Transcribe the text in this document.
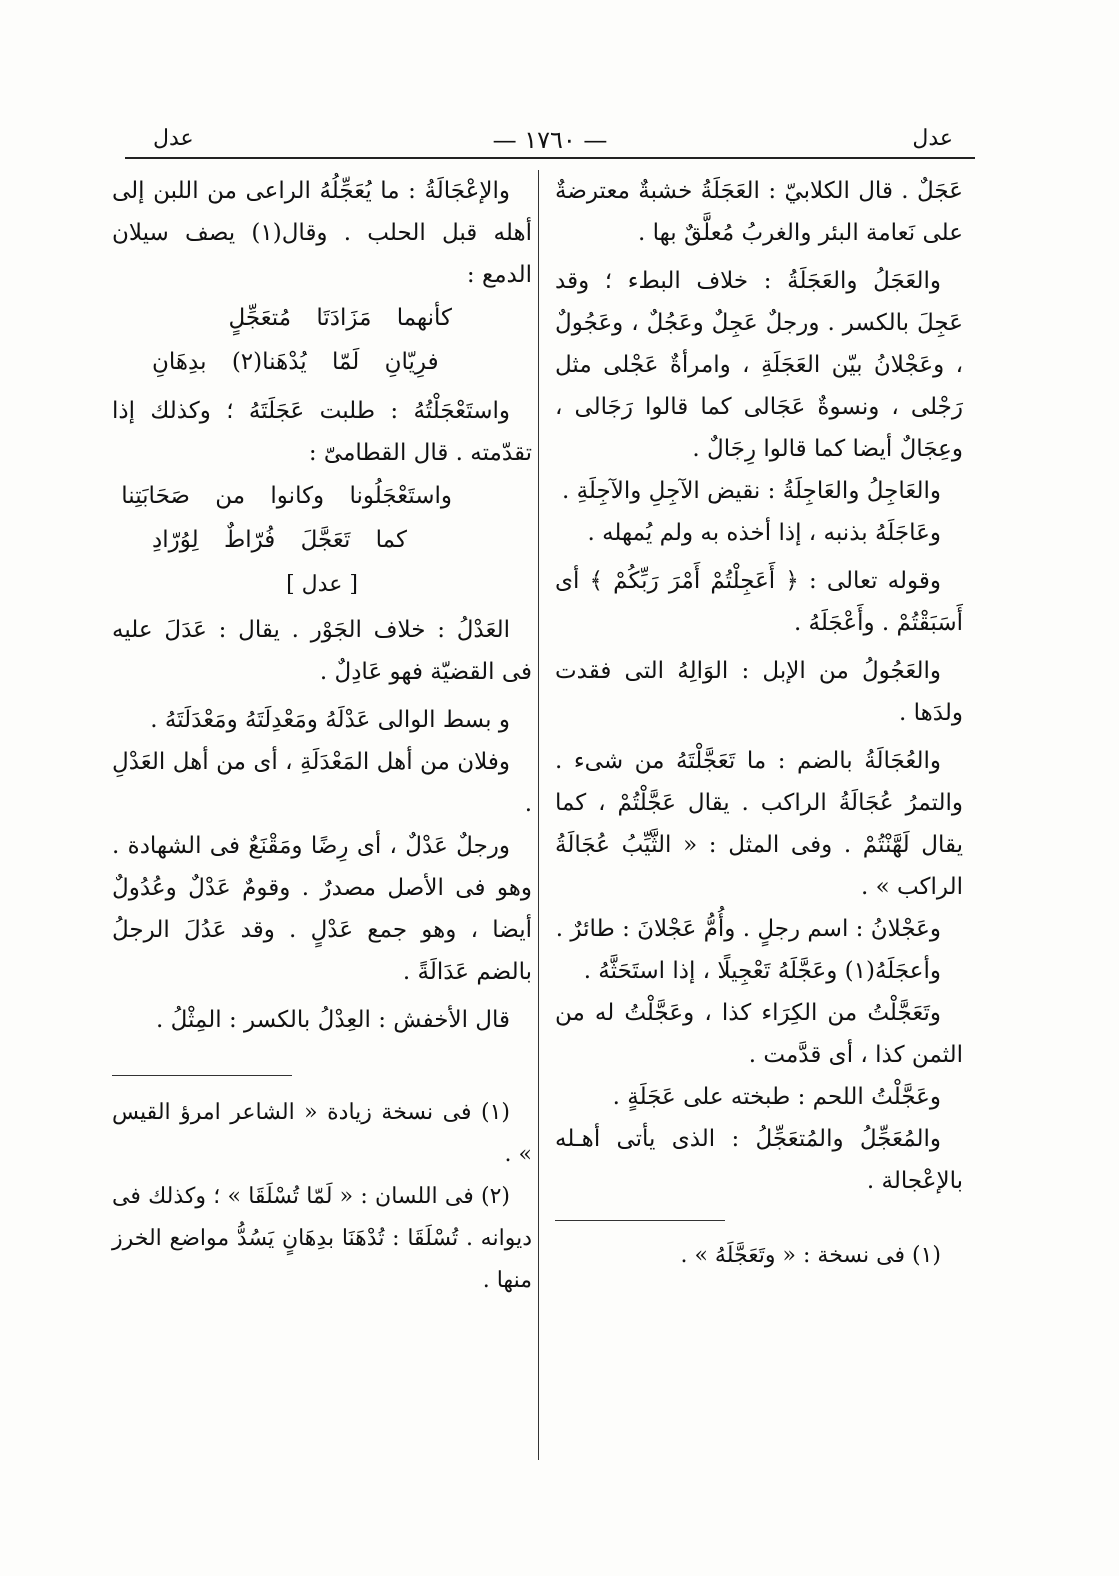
عدل
— ١٧٦٠ —
عدل

عَجَلٌ . قال الكلابيّ : العَجَلَةُ خشبةٌ معترضةٌ على نَعامة البئر والغربُ مُعلَّقٌ بها .

والعَجَلُ والعَجَلَةُ : خلاف البطء ؛ وقد عَجِلَ بالكسر . ورجلٌ عَجِلٌ وعَجُلٌ ، وعَجُولٌ ، وعَجْلانُ بيّن العَجَلَةِ ، وامرأةٌ عَجْلى مثل رَجْلى ، ونسوةٌ عَجَالى كما قالوا رَجَالى ، وعِجَالٌ أيضا كما قالوا رِجَالٌ .

والعَاجِلُ والعَاجِلَةُ : نقيض الآجِلِ والآجِلَةِ .

وعَاجَلَهُ بذنبه ، إذا أخذه به ولم يُمهله .

وقوله تعالى : ﴿ أَعَجِلْتُمْ أَمْرَ رَبِّكُمْ ﴾ أى أَسَبَقْتُمْ . وأَعْجَلَهُ .

والعَجُولُ من الإبل : الوَالِهُ التى فقدت ولدَها .

والعُجَالَةُ بالضم : ما تَعَجَّلْتَهُ من شىء . والتمرُ عُجَالَةُ الراكب . يقال عَجَّلْتُمْ ، كما يقال لَهَّنْتُمْ . وفى المثل : « الثَّيِّبُ عُجَالَةُ الراكب » .

وعَجْلانُ : اسم رجلٍ . وأُمُّ عَجْلانَ : طائرٌ .

وأعجَلَهُ(١) وعَجَّلَهُ تَعْجِيلًا ، إذا استَحَثَّهُ .

وتَعَجَّلْتُ من الكِرَاء كذا ، وعَجَّلْتُ له من الثمن كذا ، أى قدَّمت .

وعَجَّلْتُ اللحم : طبخته على عَجَلَةٍ .

والمُعَجِّلُ والمُتعَجِّلُ : الذى يأتى أهـله بالإعْجالة .

(١) فى نسخة : « وتَعَجَّلَهُ » .

والإعْجَالَةُ : ما يُعَجِّلُهُ الراعى من اللبن إلى أهله قبل الحلب . وقال(١) يصف سيلان الدمع :

كأنهما مَزَادَتَا مُتعَجِّلٍ
فرِيّانِ لَمّا يُدْهَنا(٢) بدِهَانِ

واستَعْجَلْتُهُ : طلبت عَجَلَتَهُ ؛ وكذلك إذا تقدّمته . قال القطامىّ :

واستَعْجَلُونا وكانوا من صَحَابَتِنا
كما تَعَجَّلَ فُرّاطٌ لِوُرّادِ
[ عدل ]

العَدْلُ : خلاف الجَوْر . يقال : عَدَلَ عليه فى القضيّة فهو عَادِلٌ .

و بسط الوالى عَدْلَهُ ومَعْدِلَتَهُ ومَعْدَلَتَهُ .

وفلان من أهل المَعْدَلَةِ ، أى من أهل العَدْلِ .

ورجلٌ عَدْلٌ ، أى رِضًا ومَقْنَعٌ فى الشهادة . وهو فى الأصل مصدرٌ . وقومٌ عَدْلٌ وعُدُولٌ أيضا ، وهو جمع عَدْلٍ . وقد عَدُلَ الرجلُ بالضم عَدَالَةً .

قال الأخفش : العِدْلُ بالكسر : المِثْلُ .

(١) فى نسخة زيادة « الشاعر امرؤ القيس » .

(٢) فى اللسان : « لَمّا تُسْلَقَا » ؛ وكذلك فى ديوانه . تُسْلَقَا : تُدْهَنَا بدِهَانٍ يَسُدُّ مواضع الخرز منها .
